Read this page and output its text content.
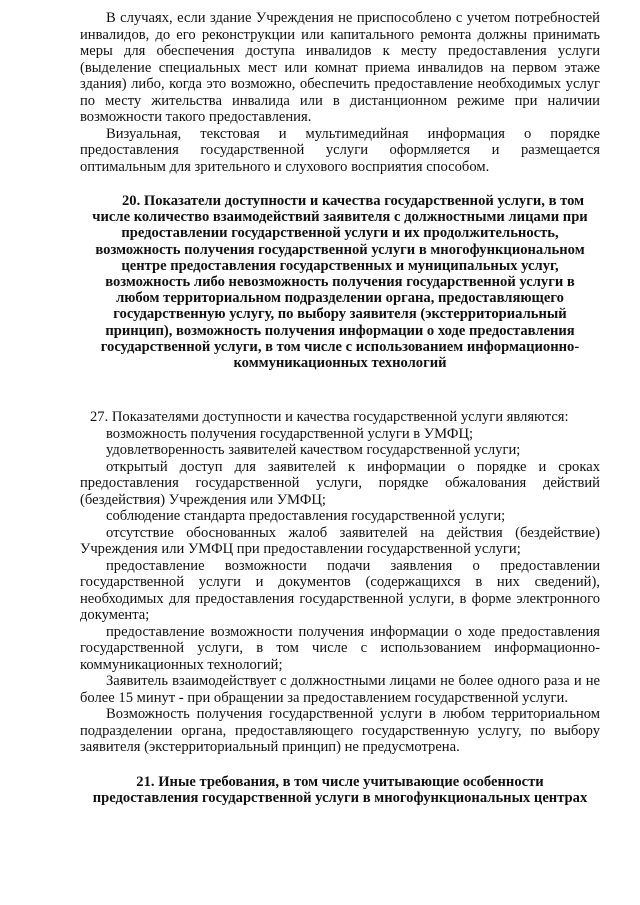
В случаях, если здание Учреждения не приспособлено с учетом потребностей инвалидов, до его реконструкции или капитального ремонта должны принимать меры для обеспечения доступа инвалидов к месту предоставления услуги (выделение специальных мест или комнат приема инвалидов на первом этаже здания) либо, когда это возможно, обеспечить предоставление необходимых услуг по месту жительства инвалида или в дистанционном режиме при наличии возможности такого предоставления.

Визуальная, текстовая и мультимедийная информация о порядке предоставления государственной услуги оформляется и размещается оптимальным для зрительного и слухового восприятия способом.

20. Показатели доступности и качества государственной услуги, в том числе количество взаимодействий заявителя с должностными лицами при предоставлении государственной услуги и их продолжительность, возможность получения государственной услуги в многофункциональном центре предоставления государственных и муниципальных услуг, возможность либо невозможность получения государственной услуги в любом территориальном подразделении органа, предоставляющего государственную услугу, по выбору заявителя (экстерриториальный принцип), возможность получения информации о ходе предоставления государственной услуги, в том числе с использованием информационно-коммуникационных технологий

27. Показателями доступности и качества государственной услуги являются:

возможность получения государственной услуги в УМФЦ;

удовлетворенность заявителей качеством государственной услуги;

открытый доступ для заявителей к информации о порядке и сроках предоставления государственной услуги, порядке обжалования действий (бездействия) Учреждения или УМФЦ;

соблюдение стандарта предоставления государственной услуги;

отсутствие обоснованных жалоб заявителей на действия (бездействие) Учреждения или УМФЦ при предоставлении государственной услуги;

предоставление возможности подачи заявления о предоставлении государственной услуги и документов (содержащихся в них сведений), необходимых для предоставления государственной услуги, в форме электронного документа;

предоставление возможности получения информации о ходе предоставления государственной услуги, в том числе с использованием информационно-коммуникационных технологий;

Заявитель взаимодействует с должностными лицами не более одного раза и не более 15 минут - при обращении за предоставлением государственной услуги.

Возможность получения государственной услуги в любом территориальном подразделении органа, предоставляющего государственную услугу, по выбору заявителя (экстерриториальный принцип) не предусмотрена.

21. Иные требования, в том числе учитывающие особенности предоставления государственной услуги в многофункциональных центрах
